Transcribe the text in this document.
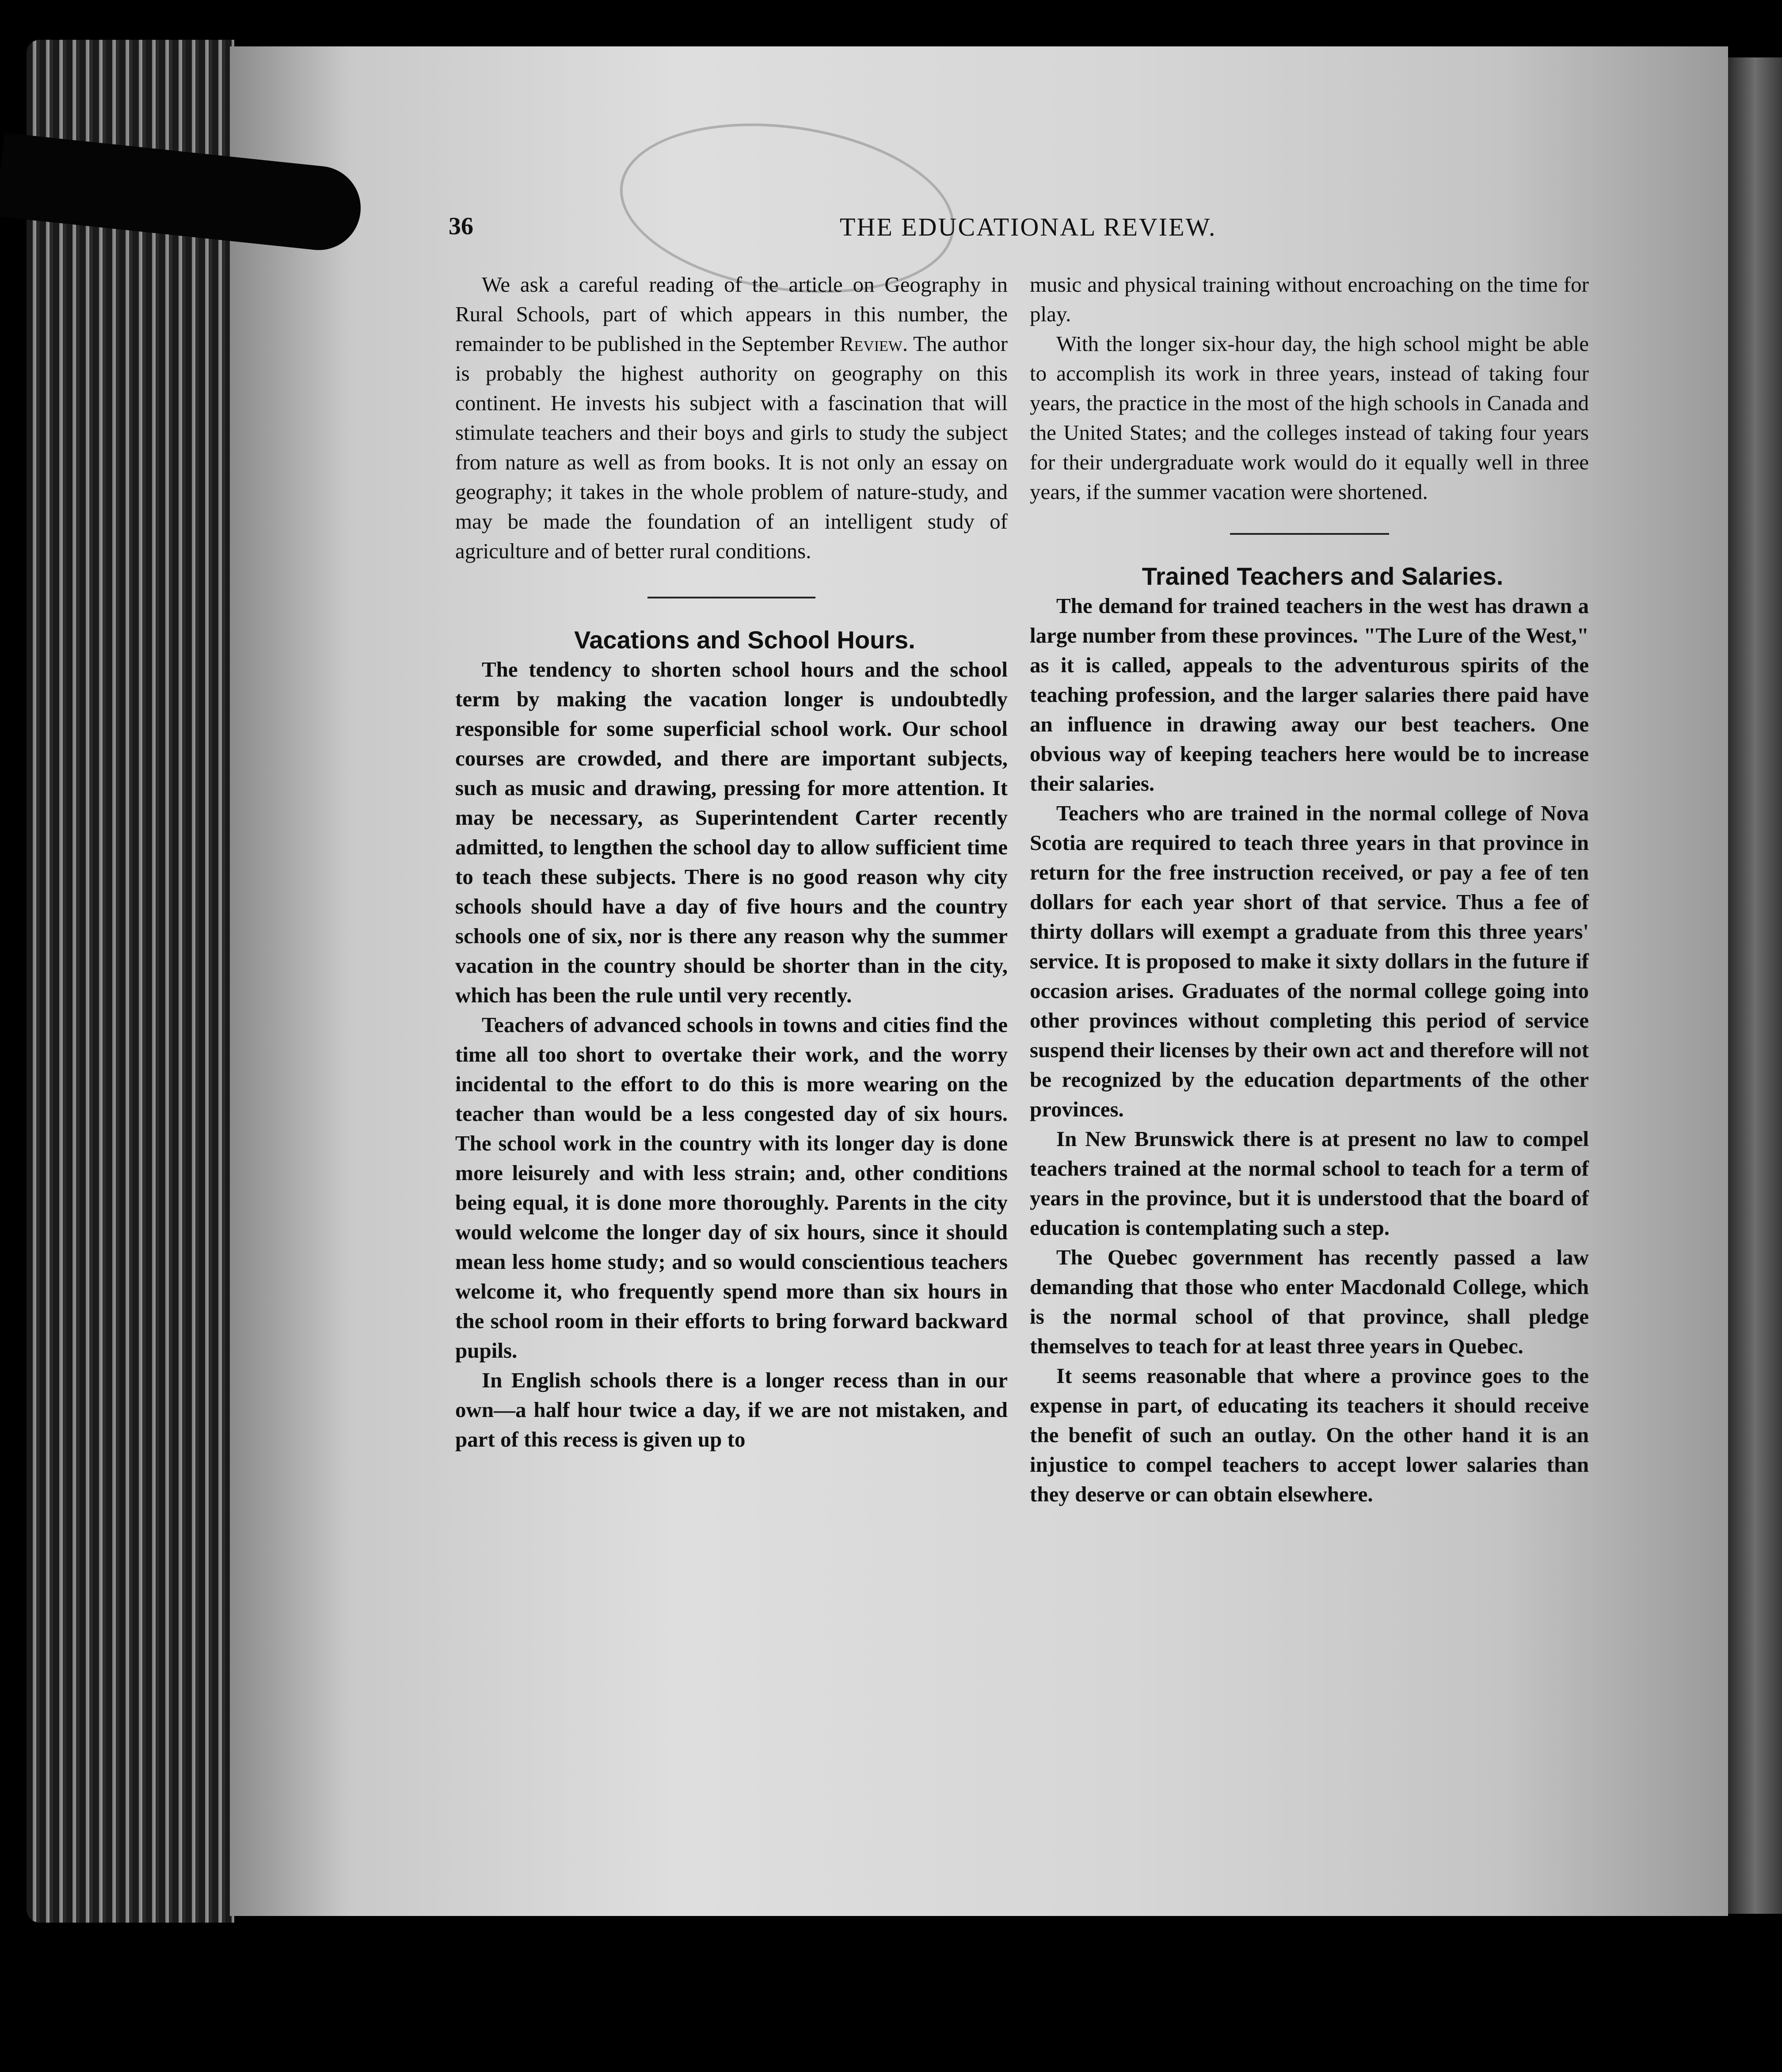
36	THE EDUCATIONAL REVIEW.

We ask a careful reading of the article on Geography in Rural Schools, part of which appears in this number, the remainder to be published in the September Review. The author is probably the highest authority on geography on this continent. He invests his subject with a fascination that will stimulate teachers and their boys and girls to study the subject from nature as well as from books. It is not only an essay on geography; it takes in the whole problem of nature-study, and may be made the foundation of an intelligent study of agriculture and of better rural conditions.

Vacations and School Hours.

The tendency to shorten school hours and the school term by making the vacation longer is undoubtedly responsible for some superficial school work. Our school courses are crowded, and there are important subjects, such as music and drawing, pressing for more attention. It may be necessary, as Superintendent Carter recently admitted, to lengthen the school day to allow sufficient time to teach these subjects. There is no good reason why city schools should have a day of five hours and the country schools one of six, nor is there any reason why the summer vacation in the country should be shorter than in the city, which has been the rule until very recently.

Teachers of advanced schools in towns and cities find the time all too short to overtake their work, and the worry incidental to the effort to do this is more wearing on the teacher than would be a less congested day of six hours. The school work in the country with its longer day is done more leisurely and with less strain; and, other conditions being equal, it is done more thoroughly. Parents in the city would welcome the longer day of six hours, since it should mean less home study; and so would conscientious teachers welcome it, who frequently spend more than six hours in the school room in their efforts to bring forward backward pupils.

In English schools there is a longer recess than in our own—a half hour twice a day, if we are not mistaken, and part of this recess is given up to

music and physical training without encroaching on the time for play.

With the longer six-hour day, the high school might be able to accomplish its work in three years, instead of taking four years, the practice in the most of the high schools in Canada and the United States; and the colleges instead of taking four years for their undergraduate work would do it equally well in three years, if the summer vacation were shortened.

Trained Teachers and Salaries.

The demand for trained teachers in the west has drawn a large number from these provinces. "The Lure of the West," as it is called, appeals to the adventurous spirits of the teaching profession, and the larger salaries there paid have an influence in drawing away our best teachers. One obvious way of keeping teachers here would be to increase their salaries.

Teachers who are trained in the normal college of Nova Scotia are required to teach three years in that province in return for the free instruction received, or pay a fee of ten dollars for each year short of that service. Thus a fee of thirty dollars will exempt a graduate from this three years' service. It is proposed to make it sixty dollars in the future if occasion arises. Graduates of the normal college going into other provinces without completing this period of service suspend their licenses by their own act and therefore will not be recognized by the education departments of the other provinces.

In New Brunswick there is at present no law to compel teachers trained at the normal school to teach for a term of years in the province, but it is understood that the board of education is contemplating such a step.

The Quebec government has recently passed a law demanding that those who enter Macdonald College, which is the normal school of that province, shall pledge themselves to teach for at least three years in Quebec.

It seems reasonable that where a province goes to the expense in part, of educating its teachers it should receive the benefit of such an outlay. On the other hand it is an injustice to compel teachers to accept lower salaries than they deserve or can obtain elsewhere.
